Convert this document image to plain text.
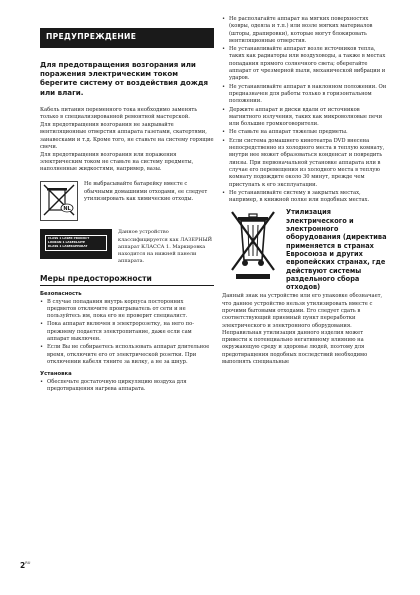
ПРЕДУПРЕЖДЕНИЕ
Для предотвращения возгорания или поражения электрическим током берегите систему от воздействия дождя или влаги.

Кабель питания переменного тока необходимо заменять только в специализированной ремонтной мастерской.

Для предотвращения возгорания не закрывайте вентиляционные отверстия аппарата газетами, скатертями, занавесками и т.д. Кроме того, не ставьте на систему горящие свечи.

Для предотвращения возгорания или поражения электрическим током не ставьте на систему предметы, наполненные жидкостями, например, вазы.

NL
Не выбрасывайте батарейку вместе с обычными домашними отходами, ее следует утилизировать как химические отходы.
CLASS 1 LASER PRODUCT
LUOKAN 1 LASERLAITE
KLASS 1 LASERAPPARAT
Данное устройство классифицируется как ЛАЗЕРНЫЙ аппарат КЛАССА 1. Маркировка находится на нижней панели аппарата.
Меры предосторожности
Безопасность
• В случае попадания внутрь корпуса посторонних предметов отключите проигрыватель от сети и не пользуйтесь им, пока его не проверит специалист.
• Пока аппарат включен в электророзетку, на него по-прежнему подается электропитание, даже если сам аппарат выключен.
• Если Вы не собираетесь использовать аппарат длительное время, отключите его от электрической розетки. При отключении кабеля тяните за вилку, а не за шнур.
Установка
• Обеспечьте достаточную циркуляцию воздуха для предотвращения нагрева аппарата.
• Не располагайте аппарат на мягких поверхностях (ковры, одеяла и т.п.) или возле мягких материалов (шторы, драпировки), которые могут блокировать вентиляционные отверстия.
• Не устанавливайте аппарат возле источников тепла, таких как радиаторы или воздуховоды, а также в местах попадания прямого солнечного света; оберегайте аппарат от чрезмерной пыли, механической вибрации и ударов.
• Не устанавливайте аппарат в наклонном положении. Он предназначен для работы только в горизонтальном положении.
• Держите аппарат и диски вдали от источников магнитного излучения, таких как микроволновые печи или большие громкоговорители.
• Не ставьте на аппарат тяжелые предметы.
• Если система домашнего кинотеатра DVD внесена непосредственно из холодного места в теплую комнату, внутри нее может образоваться конденсат и повредить линзы. При первоначальной установке аппарата или в случае его перемещения из холодного места в теплую комнату подождите около 30 минут, прежде чем приступать к его эксплуатации.
• Не устанавливайте систему в закрытых местах, например, в книжной полке или подобных местах.
Утилизация электрического и электронного оборудования (директива применяется в странах Евросоюза и других европейских странах, где действуют системы раздельного сбора отходов)
Данный знак на устройстве или его упаковке обозначает, что данное устройство нельзя утилизировать вместе с прочими бытовыми отходами. Его следует сдать в соответствующий приемный пункт переработки электрического и электронного оборудования. Неправильная утилизация данного изделия может привести к потенциально негативному влиянию на окружающую среду и здоровье людей, поэтому для предотвращения подобных последствий необходимо выполнять специальные
$2^{RU}$
